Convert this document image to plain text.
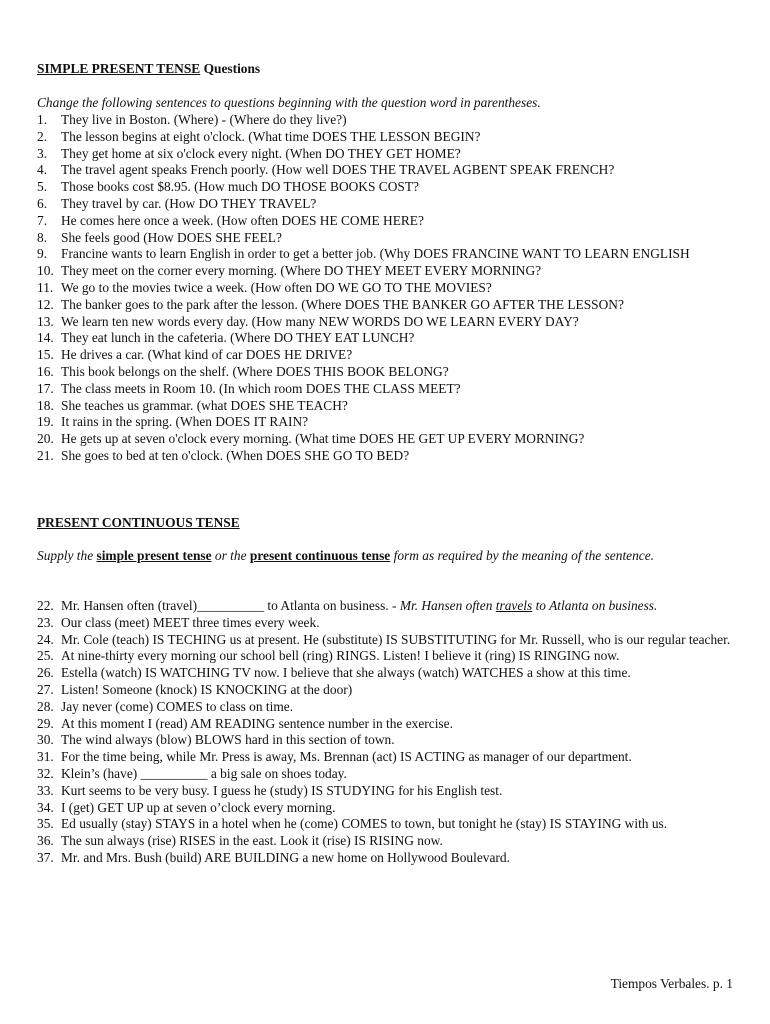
SIMPLE PRESENT TENSE Questions
Change the following sentences to questions beginning with the question word in parentheses.
1.	They live in Boston. (Where) - (Where do they live?)
2.	The lesson begins at eight o'clock. (What time DOES THE LESSON BEGIN?
3.	They get home at six o'clock every night. (When DO THEY GET HOME?
4.	The travel agent speaks French poorly. (How well DOES THE TRAVEL AGBENT SPEAK FRENCH?
5.	Those books cost $8.95. (How much DO THOSE BOOKS COST?
6.	They travel by car. (How DO THEY TRAVEL?
7.	He comes here once a week. (How often DOES HE COME HERE?
8.	She feels good (How DOES SHE FEEL?
9.	Francine wants to learn English in order to get a better job. (Why DOES FRANCINE WANT TO LEARN ENGLISH
10. They meet on the corner every morning. (Where DO THEY MEET EVERY MORNING?
11. We go to the movies twice a week. (How often DO WE GO TO THE MOVIES?
12. The banker goes to the park after the lesson. (Where DOES THE BANKER GO AFTER THE LESSON?
13. We learn ten new words every day. (How many NEW WORDS DO WE LEARN EVERY DAY?
14. They eat lunch in the cafeteria. (Where DO THEY EAT LUNCH?
15. He drives a car. (What kind of car DOES HE DRIVE?
16. This book belongs on the shelf. (Where DOES THIS BOOK BELONG?
17. The class meets in Room 10. (In which room DOES THE CLASS MEET?
18. She teaches us grammar. (what DOES SHE TEACH?
19. It rains in the spring. (When DOES IT RAIN?
20. He gets up at seven o'clock every morning. (What time DOES HE GET UP EVERY MORNING?
21. She goes to bed at ten o'clock. (When DOES SHE GO TO BED?
PRESENT CONTINUOUS TENSE
Supply the simple present tense or the present continuous tense form as required by the meaning of the sentence.
22. Mr. Hansen often (travel)__________ to Atlanta on business. - Mr. Hansen often travels to Atlanta on business.
23. Our class (meet) MEET three times every week.
24. Mr. Cole (teach) IS TECHING us at present. He (substitute) IS SUBSTITUTING for Mr. Russell, who is our regular teacher.
25. At nine-thirty every morning our school bell (ring) RINGS. Listen! I believe it (ring) IS RINGING now.
26. Estella (watch) IS WATCHING TV now. I believe that she always (watch) WATCHES a show at this time.
27. Listen! Someone (knock) IS KNOCKING at the door)
28. Jay never (come) COMES to class on time.
29. At this moment I (read) AM READING sentence number in the exercise.
30. The wind always (blow) BLOWS hard in this section of town.
31. For the time being, while Mr. Press is away, Ms. Brennan (act) IS ACTING as manager of our department.
32. Klein’s (have) __________ a big sale on shoes today.
33. Kurt seems to be very busy. I guess he (study) IS STUDYING for his English test.
34. I (get) GET UP up at seven o’clock every morning.
35. Ed usually (stay) STAYS in a hotel when he (come) COMES to town, but tonight he (stay) IS STAYING with us.
36. The sun always (rise) RISES in the east. Look it (rise) IS RISING now.
37. Mr. and Mrs. Bush (build) ARE BUILDING a new home on Hollywood Boulevard.
Tiempos Verbales. p. 1
